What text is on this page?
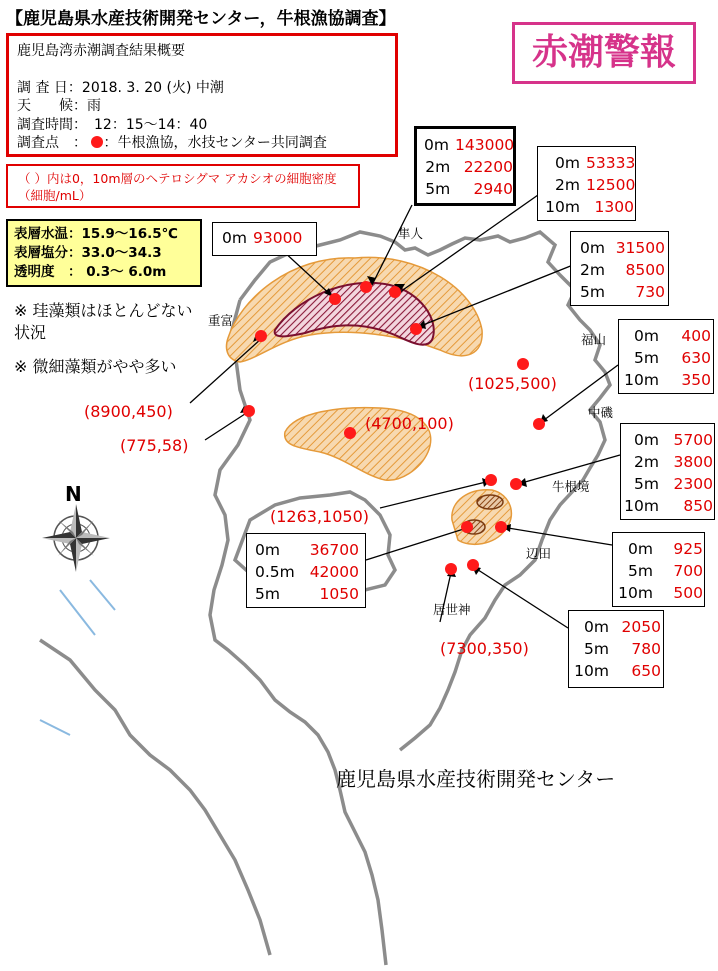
【鹿児島県水産技術開発センター，牛根漁協調査】
赤潮警報
鹿児島湾赤潮調査結果概要
調 査 日：2018. 3. 20 (火) 中潮
天　　候：雨
調査時間：　12：15～14：40
調査点　： ：牛根漁協，水技センター共同調査
（ ）内は0，10m層のヘテロシグマ アカシオの細胞密度（細胞/mL）
表層水温：15.9～16.5℃
表層塩分：33.0～34.3
透明度　： 0.3～ 6.0m
※ 珪藻類はほとんどない状況
※ 微細藻類がやや多い
隼人
重富
福山
中磯
牛根境
辺田
居世神
(8900,450)
(775,58)
(4700,100)
(1025,500)
(1263,1050)
(7300,350)
0m 143000
2m 22200
5m	2940
0m 53333
2m 12500
10m 1300
0m 93000
0m 31500
2m	8500
5m	730
0m	400
5m	630
10m	350
0m 5700
2m 3800
5m 2300
10m	850
0m	36700
0.5m 42000
5m	1050
0m	925
5m	700
10m	500
0m 2050
5m	780
10m	650
N
鹿児島県水産技術開発センター
